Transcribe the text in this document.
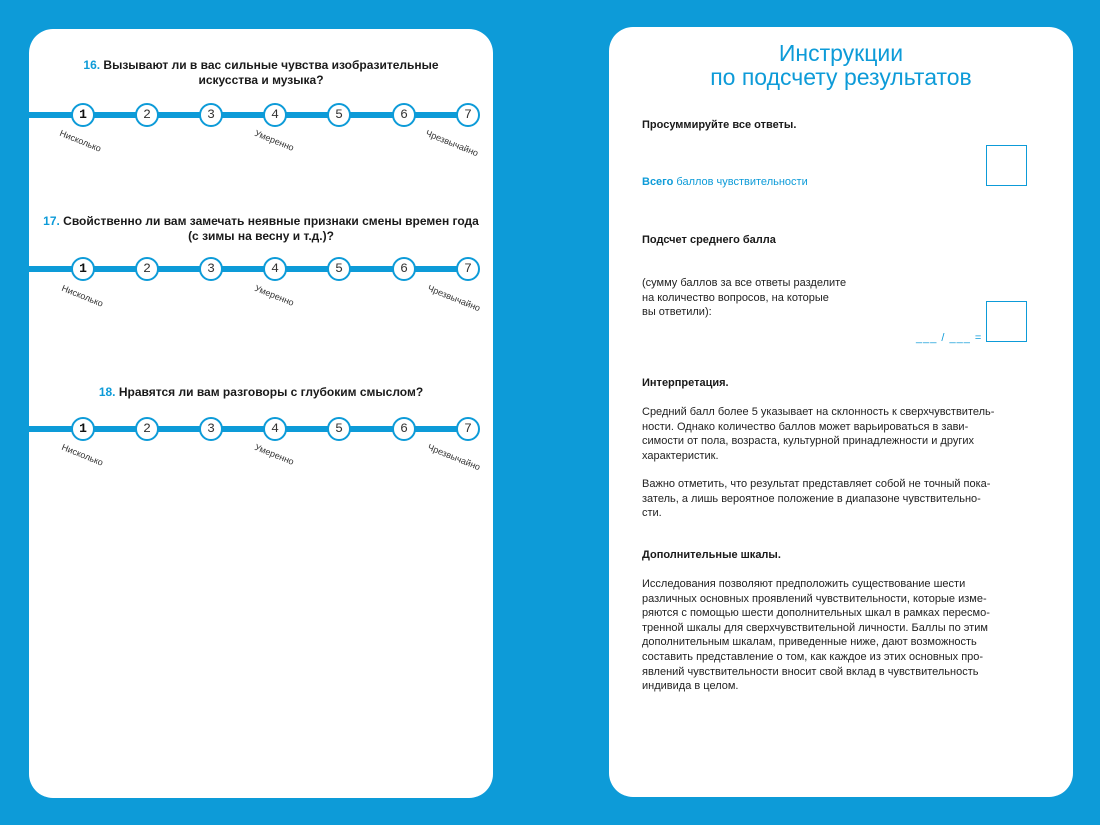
16. Вызывают ли в вас сильные чувства изобразительные
искусства и музыка?
1	2	3	4	5	6	7
Нисколько	Умеренно	Чрезвычайно
17. Свойственно ли вам замечать неявные признаки смены времен года
(с зимы на весну и т.д.)?
1	2	3	4	5	6	7
Нисколько	Умеренно	Чрезвычайно
18. Нравятся ли вам разговоры с глубоким смыслом?
1	2	3	4	5	6	7
Нисколько	Умеренно	Чрезвычайно
Инструкции
по подсчету результатов
Просуммируйте все ответы.
Всего баллов чувствительности
Подсчет среднего балла
(сумму баллов за все ответы разделите
на количество вопросов, на которые
вы ответили):
___ / ___ =
Интерпретация.
Средний балл более 5 указывает на склонность к сверхчувствитель-
ности. Однако количество баллов может варьироваться в зави-
симости от пола, возраста, культурной принадлежности и других
характеристик.
Важно отметить, что результат представляет собой не точный пока-
затель, а лишь вероятное положение в диапазоне чувствительно-
сти.
Дополнительные шкалы.
Исследования позволяют предположить существование шести
различных основных проявлений чувствительности, которые изме-
ряются с помощью шести дополнительных шкал в рамках пересмо-
тренной шкалы для сверхчувствительной личности. Баллы по этим
дополнительным шкалам, приведенные ниже, дают возможность
составить представление о том, как каждое из этих основных про-
явлений чувствительности вносит свой вклад в чувствительность
индивида в целом.
